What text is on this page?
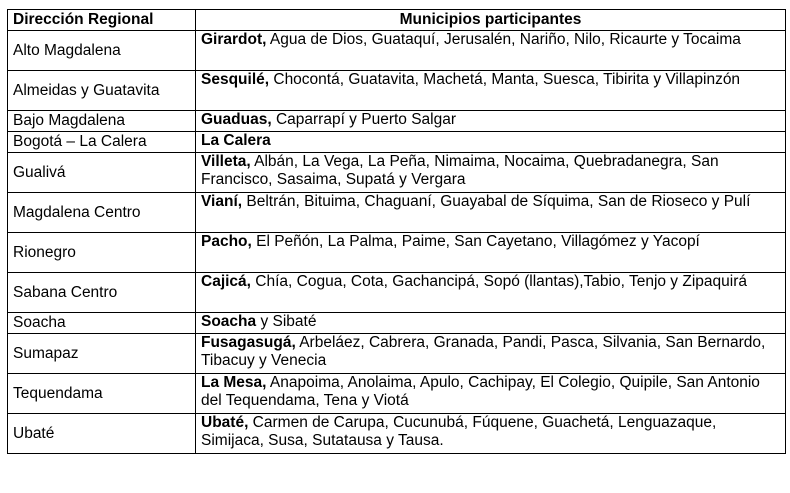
Dirección Regional	Municipios participantes
Alto Magdalena	Girardot, Agua de Dios, Guataquí, Jerusalén, Nariño, Nilo, Ricaurte y Tocaima
Almeidas y Guatavita	Sesquilé, Chocontá, Guatavita, Machetá, Manta, Suesca, Tibirita y Villapinzón
Bajo Magdalena	Guaduas, Caparrapí y Puerto Salgar
Bogotá – La Calera	La Calera
Gualivá	Villeta, Albán, La Vega, La Peña, Nimaima, Nocaima, Quebradanegra, San Francisco, Sasaima, Supatá y Vergara
Magdalena Centro	Vianí, Beltrán, Bituima, Chaguaní, Guayabal de Síquima, San de Rioseco y Pulí
Rionegro	Pacho, El Peñón, La Palma, Paime, San Cayetano, Villagómez y Yacopí
Sabana Centro	Cajicá, Chía, Cogua, Cota, Gachancipá, Sopó (llantas),Tabio, Tenjo y Zipaquirá
Soacha	Soacha y Sibaté
Sumapaz	Fusagasugá, Arbeláez, Cabrera, Granada, Pandi, Pasca, Silvania, San Bernardo, Tibacuy y Venecia
Tequendama	La Mesa, Anapoima, Anolaima, Apulo, Cachipay, El Colegio, Quipile, San Antonio del Tequendama, Tena y Viotá
Ubaté	Ubaté, Carmen de Carupa, Cucunubá, Fúquene, Guachetá, Lenguazaque, Simijaca, Susa, Sutatausa y Tausa.
